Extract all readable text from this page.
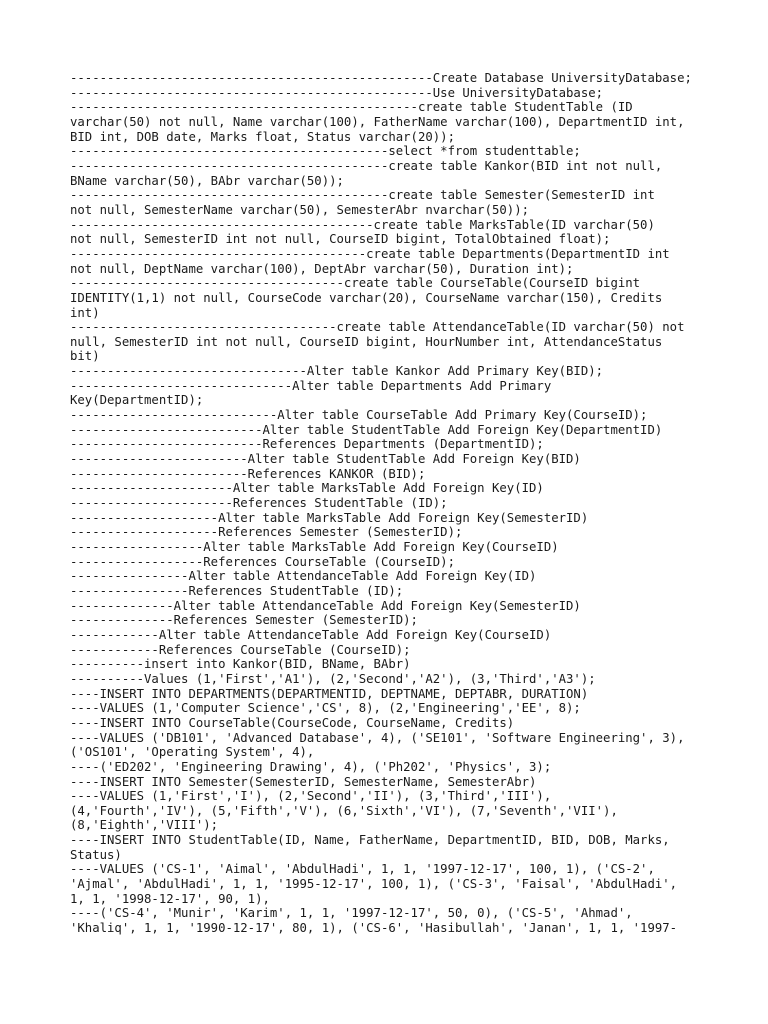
-------------------------------------------------Create Database UniversityDatabase;
-------------------------------------------------Use UniversityDatabase;
-----------------------------------------------create table StudentTable (ID
varchar(50) not null, Name varchar(100), FatherName varchar(100), DepartmentID int,
BID int, DOB date, Marks float, Status varchar(20));
-------------------------------------------select *from studenttable;
-------------------------------------------create table Kankor(BID int not null,
BName varchar(50), BAbr varchar(50));
-------------------------------------------create table Semester(SemesterID int
not null, SemesterName varchar(50), SemesterAbr nvarchar(50));
-----------------------------------------create table MarksTable(ID varchar(50)
not null, SemesterID int not null, CourseID bigint, TotalObtained float);
----------------------------------------create table Departments(DepartmentID int
not null, DeptName varchar(100), DeptAbr varchar(50), Duration int);
-------------------------------------create table CourseTable(CourseID bigint
IDENTITY(1,1) not null, CourseCode varchar(20), CourseName varchar(150), Credits
int)
------------------------------------create table AttendanceTable(ID varchar(50) not
null, SemesterID int not null, CourseID bigint, HourNumber int, AttendanceStatus
bit)
--------------------------------Alter table Kankor Add Primary Key(BID);
------------------------------Alter table Departments Add Primary
Key(DepartmentID);
----------------------------Alter table CourseTable Add Primary Key(CourseID);
--------------------------Alter table StudentTable Add Foreign Key(DepartmentID)
--------------------------References Departments (DepartmentID);
------------------------Alter table StudentTable Add Foreign Key(BID)
------------------------References KANKOR (BID);
----------------------Alter table MarksTable Add Foreign Key(ID)
----------------------References StudentTable (ID);
--------------------Alter table MarksTable Add Foreign Key(SemesterID)
--------------------References Semester (SemesterID);
------------------Alter table MarksTable Add Foreign Key(CourseID)
------------------References CourseTable (CourseID);
----------------Alter table AttendanceTable Add Foreign Key(ID)
----------------References StudentTable (ID);
--------------Alter table AttendanceTable Add Foreign Key(SemesterID)
--------------References Semester (SemesterID);
------------Alter table AttendanceTable Add Foreign Key(CourseID)
------------References CourseTable (CourseID);
----------insert into Kankor(BID, BName, BAbr)
----------Values (1,'First','A1'), (2,'Second','A2'), (3,'Third','A3');
----INSERT INTO DEPARTMENTS(DEPARTMENTID, DEPTNAME, DEPTABR, DURATION)
----VALUES (1,'Computer Science','CS', 8), (2,'Engineering','EE', 8);
----INSERT INTO CourseTable(CourseCode, CourseName, Credits)
----VALUES ('DB101', 'Advanced Database', 4), ('SE101', 'Software Engineering', 3),
('OS101', 'Operating System', 4),
----('ED202', 'Engineering Drawing', 4), ('Ph202', 'Physics', 3);
----INSERT INTO Semester(SemesterID, SemesterName, SemesterAbr)
----VALUES (1,'First','I'), (2,'Second','II'), (3,'Third','III'),
(4,'Fourth','IV'), (5,'Fifth','V'), (6,'Sixth','VI'), (7,'Seventh','VII'),
(8,'Eighth','VIII');
----INSERT INTO StudentTable(ID, Name, FatherName, DepartmentID, BID, DOB, Marks,
Status)
----VALUES ('CS-1', 'Aimal', 'AbdulHadi', 1, 1, '1997-12-17', 100, 1), ('CS-2',
'Ajmal', 'AbdulHadi', 1, 1, '1995-12-17', 100, 1), ('CS-3', 'Faisal', 'AbdulHadi',
1, 1, '1998-12-17', 90, 1),
----('CS-4', 'Munir', 'Karim', 1, 1, '1997-12-17', 50, 0), ('CS-5', 'Ahmad',
'Khaliq', 1, 1, '1990-12-17', 80, 1), ('CS-6', 'Hasibullah', 'Janan', 1, 1, '1997-
